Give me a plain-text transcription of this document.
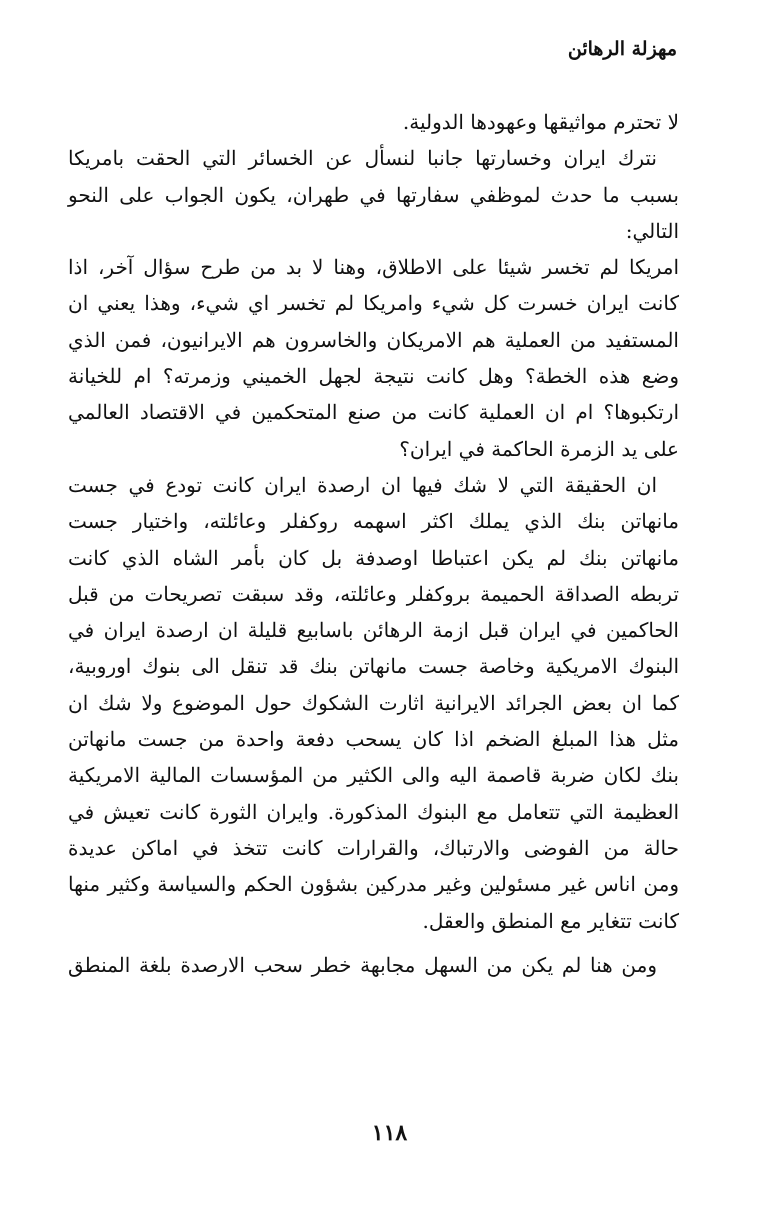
مهزلة الرهائن
لا تحترم مواثيقها وعهودها الدولية.
نترك ايران وخسارتها جانبا لنسأل عن الخسائر التي الحقت بامريكا
بسبب ما حدث لموظفي سفارتها في طهران، يكون الجواب على النحو
التالي:
امريكا لم تخسر شيئا على الاطلاق، وهنا لا بد من طرح سؤال آخر، اذا
كانت ايران خسرت كل شيء وامريكا لم تخسر اي شيء، وهذا يعني ان
المستفيد من العملية هم الامريكان والخاسرون هم الايرانيون، فمن الذي
وضع هذه الخطة؟ وهل كانت نتيجة لجهل الخميني وزمرته؟ ام للخيانة
ارتكبوها؟ ام ان العملية كانت من صنع المتحكمين في الاقتصاد العالمي
على يد الزمرة الحاكمة في ايران؟
ان الحقيقة التي لا شك فيها ان ارصدة ايران كانت تودع في جست
مانهاتن بنك الذي يملك اكثر اسهمه روكفلر وعائلته، واختيار جست
مانهاتن بنك لم يكن اعتباطا اوصدفة بل كان بأمر الشاه الذي كانت
تربطه الصداقة الحميمة بروكفلر وعائلته، وقد سبقت تصريحات من قبل
الحاكمين في ايران قبل ازمة الرهائن باسابيع قليلة ان ارصدة ايران في
البنوك الامريكية وخاصة جست مانهاتن بنك قد تنقل الى بنوك اوروبية،
كما ان بعض الجرائد الايرانية اثارت الشكوك حول الموضوع ولا شك ان
مثل هذا المبلغ الضخم اذا كان يسحب دفعة واحدة من جست مانهاتن
بنك لكان ضربة قاصمة اليه والى الكثير من المؤسسات المالية الامريكية
العظيمة التي تتعامل مع البنوك المذكورة. وايران الثورة كانت تعيش في
حالة من الفوضى والارتباك، والقرارات كانت تتخذ في اماكن عديدة
ومن اناس غير مسئولين وغير مدركين بشؤون الحكم والسياسة وكثير منها
كانت تتغاير مع المنطق والعقل.
ومن هنا لم يكن من السهل مجابهة خطر سحب الارصدة بلغة المنطق
١١٨
